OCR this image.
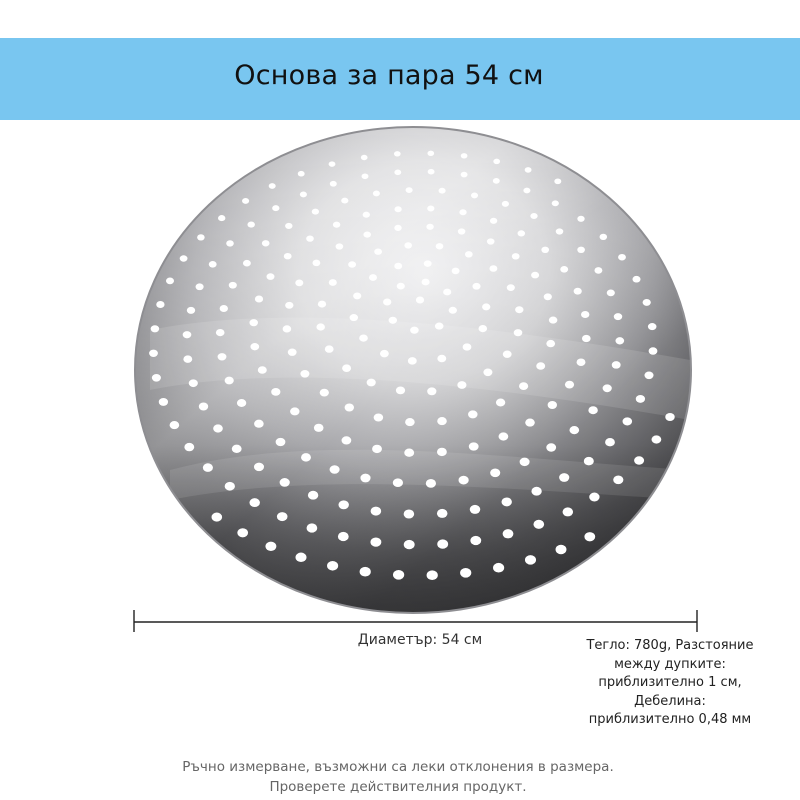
Основа за пара 54 см
Диаметър: 54 см	Тегло: 780g, Разстояние
между дупките:
приблизително 1 см,
Дебелина:
приблизително 0,48 мм
Ръчно измерване, възможни са леки отклонения в размера.
Проверете действителния продукт.
